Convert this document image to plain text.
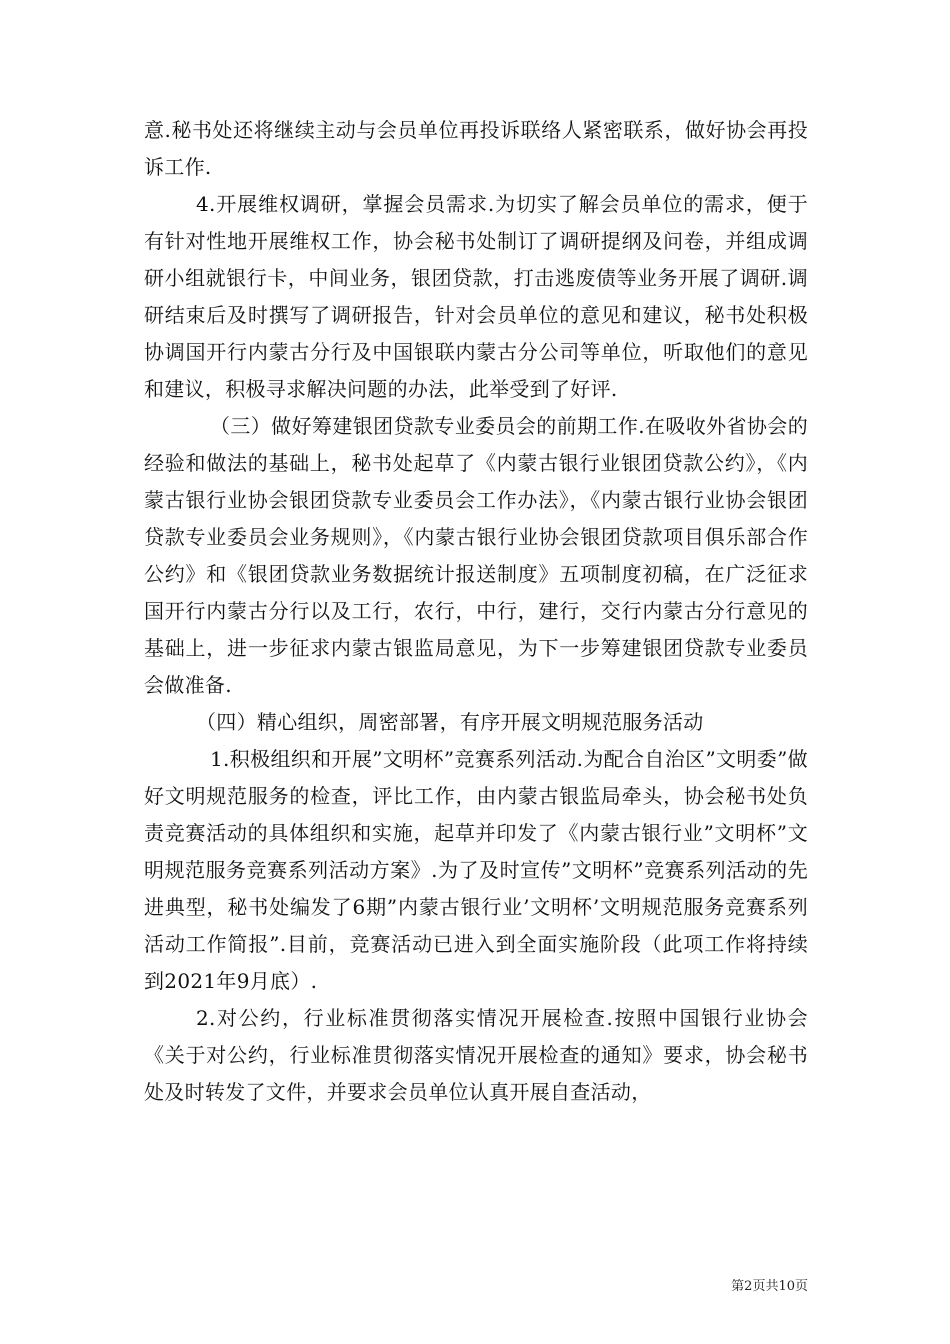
意.秘书处还将继续主动与会员单位再投诉联络人紧密联系，做好协会再投诉工作.

4.开展维权调研，掌握会员需求.为切实了解会员单位的需求，便于有针对性地开展维权工作，协会秘书处制订了调研提纲及问卷，并组成调研小组就银行卡，中间业务，银团贷款，打击逃废债等业务开展了调研.调研结束后及时撰写了调研报告，针对会员单位的意见和建议，秘书处积极协调国开行内蒙古分行及中国银联内蒙古分公司等单位，听取他们的意见和建议，积极寻求解决问题的办法，此举受到了好评.

（三）做好筹建银团贷款专业委员会的前期工作.在吸收外省协会的经验和做法的基础上，秘书处起草了《内蒙古银行业银团贷款公约》，《内蒙古银行业协会银团贷款专业委员会工作办法》，《内蒙古银行业协会银团贷款专业委员会业务规则》，《内蒙古银行业协会银团贷款项目俱乐部合作公约》和《银团贷款业务数据统计报送制度》五项制度初稿，在广泛征求国开行内蒙古分行以及工行，农行，中行，建行，交行内蒙古分行意见的基础上，进一步征求内蒙古银监局意见，为下一步筹建银团贷款专业委员会做准备.

（四）精心组织，周密部署，有序开展文明规范服务活动

1.积极组织和开展”文明杯”竞赛系列活动.为配合自治区”文明委”做好文明规范服务的检查，评比工作，由内蒙古银监局牵头，协会秘书处负责竞赛活动的具体组织和实施，起草并印发了《内蒙古银行业”文明杯”文明规范服务竞赛系列活动方案》.为了及时宣传”文明杯”竞赛系列活动的先进典型，秘书处编发了6期”内蒙古银行业’文明杯’文明规范服务竞赛系列活动工作简报”.目前，竞赛活动已进入到全面实施阶段（此项工作将持续到2021年9月底）.

2.对公约，行业标准贯彻落实情况开展检查.按照中国银行业协会《关于对公约，行业标准贯彻落实情况开展检查的通知》要求，协会秘书处及时转发了文件，并要求会员单位认真开展自查活动，

第2页共10页
